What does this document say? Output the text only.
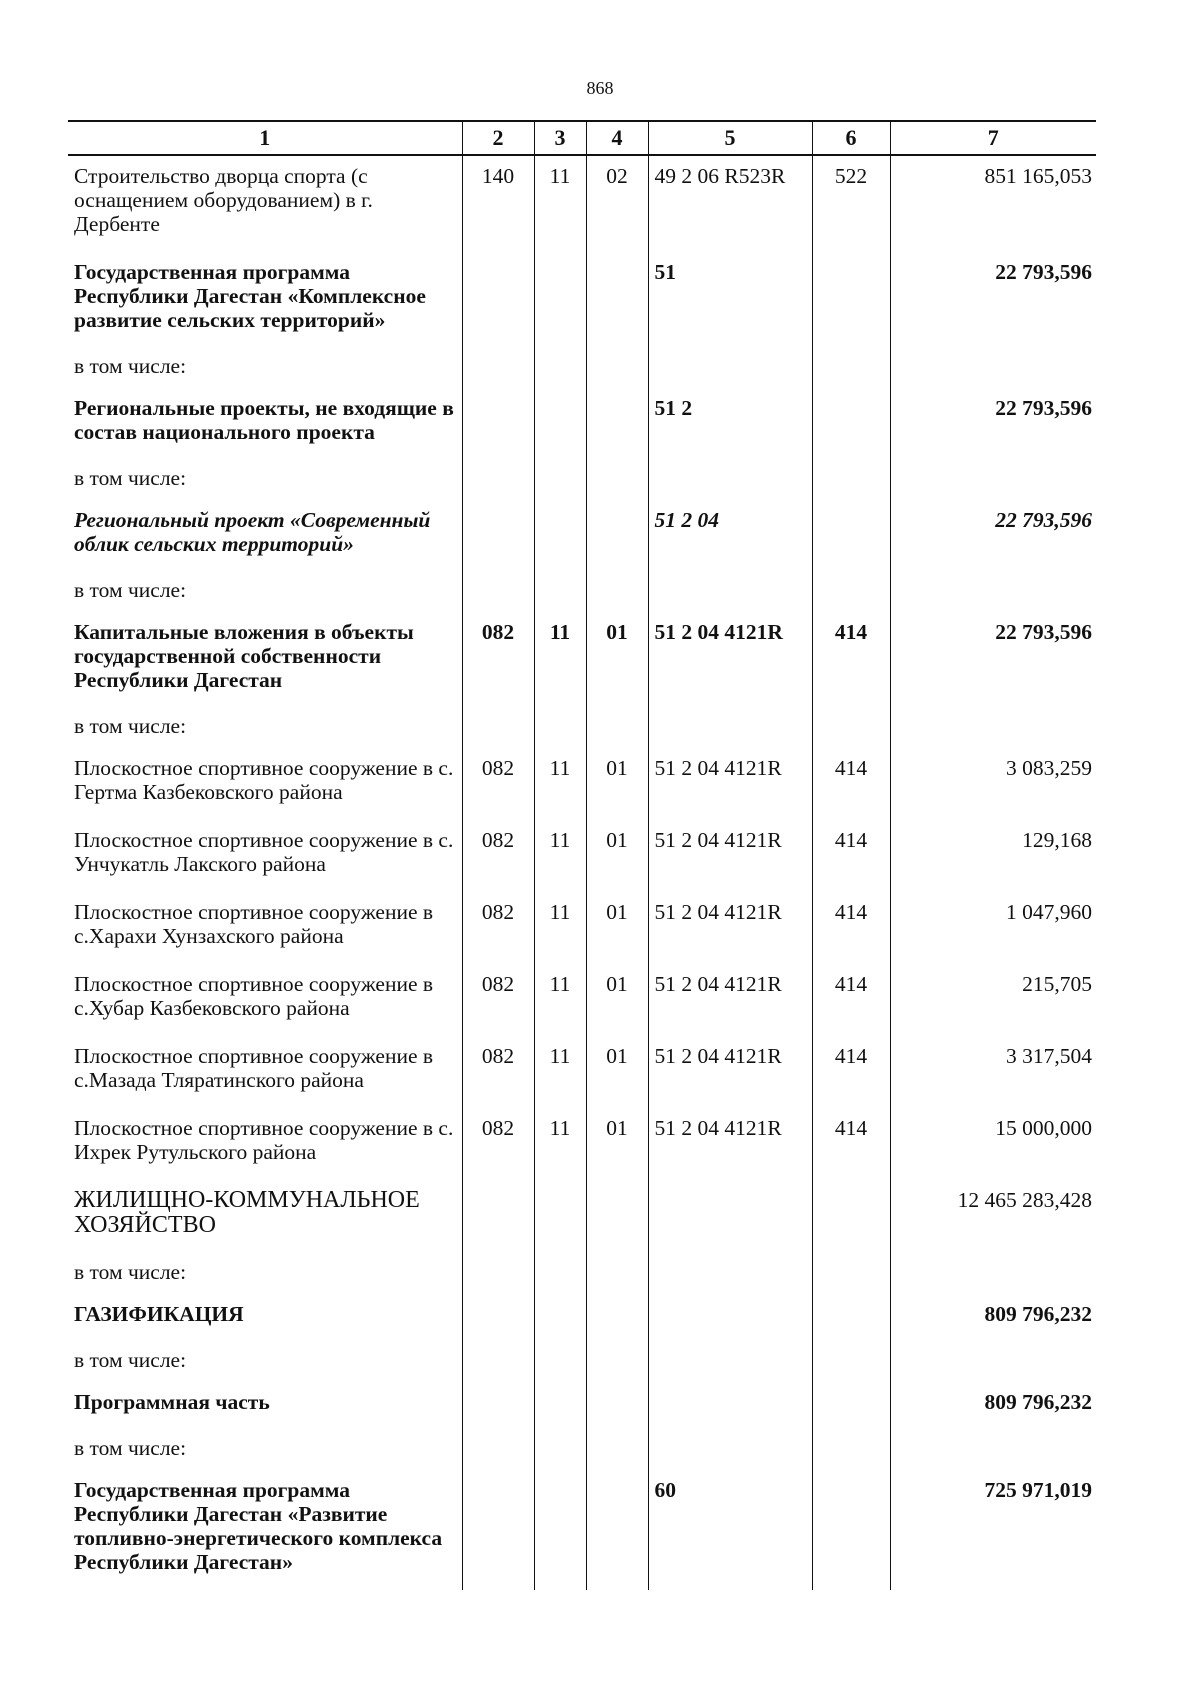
868
1	2	3	4	5	6	7
Строительство дворца спорта (с оснащением оборудованием) в г. Дербенте	140	11	02	49 2 06 R523R	522	851 165,053
Государственная программа Республики Дагестан «Комплексное развитие сельских территорий»				51		22 793,596
в том числе:						
Региональные проекты, не входящие в состав национального проекта				51 2		22 793,596
в том числе:						
Региональный проект «Современный облик сельских территорий»				51 2 04		22 793,596
в том числе:						
Капитальные вложения в объекты государственной собственности Республики Дагестан	082	11	01	51 2 04 4121R	414	22 793,596
в том числе:						
Плоскостное спортивное сооружение в с. Гертма Казбековского района	082	11	01	51 2 04 4121R	414	3 083,259
Плоскостное спортивное сооружение в с. Унчукатль Лакского района	082	11	01	51 2 04 4121R	414	129,168
Плоскостное спортивное сооружение в с.Харахи Хунзахского района	082	11	01	51 2 04 4121R	414	1 047,960
Плоскостное спортивное сооружение в с.Хубар Казбековского района	082	11	01	51 2 04 4121R	414	215,705
Плоскостное спортивное сооружение в с.Мазада Тляратинского района	082	11	01	51 2 04 4121R	414	3 317,504
Плоскостное спортивное сооружение в с. Ихрек Рутульского района	082	11	01	51 2 04 4121R	414	15 000,000
ЖИЛИЩНО-КОММУНАЛЬНОЕ ХОЗЯЙСТВО						12 465 283,428
в том числе:						
ГАЗИФИКАЦИЯ						809 796,232
в том числе:						
Программная часть						809 796,232
в том числе:						
Государственная программа Республики Дагестан «Развитие топливно-энергетического комплекса Республики Дагестан»				60		725 971,019
